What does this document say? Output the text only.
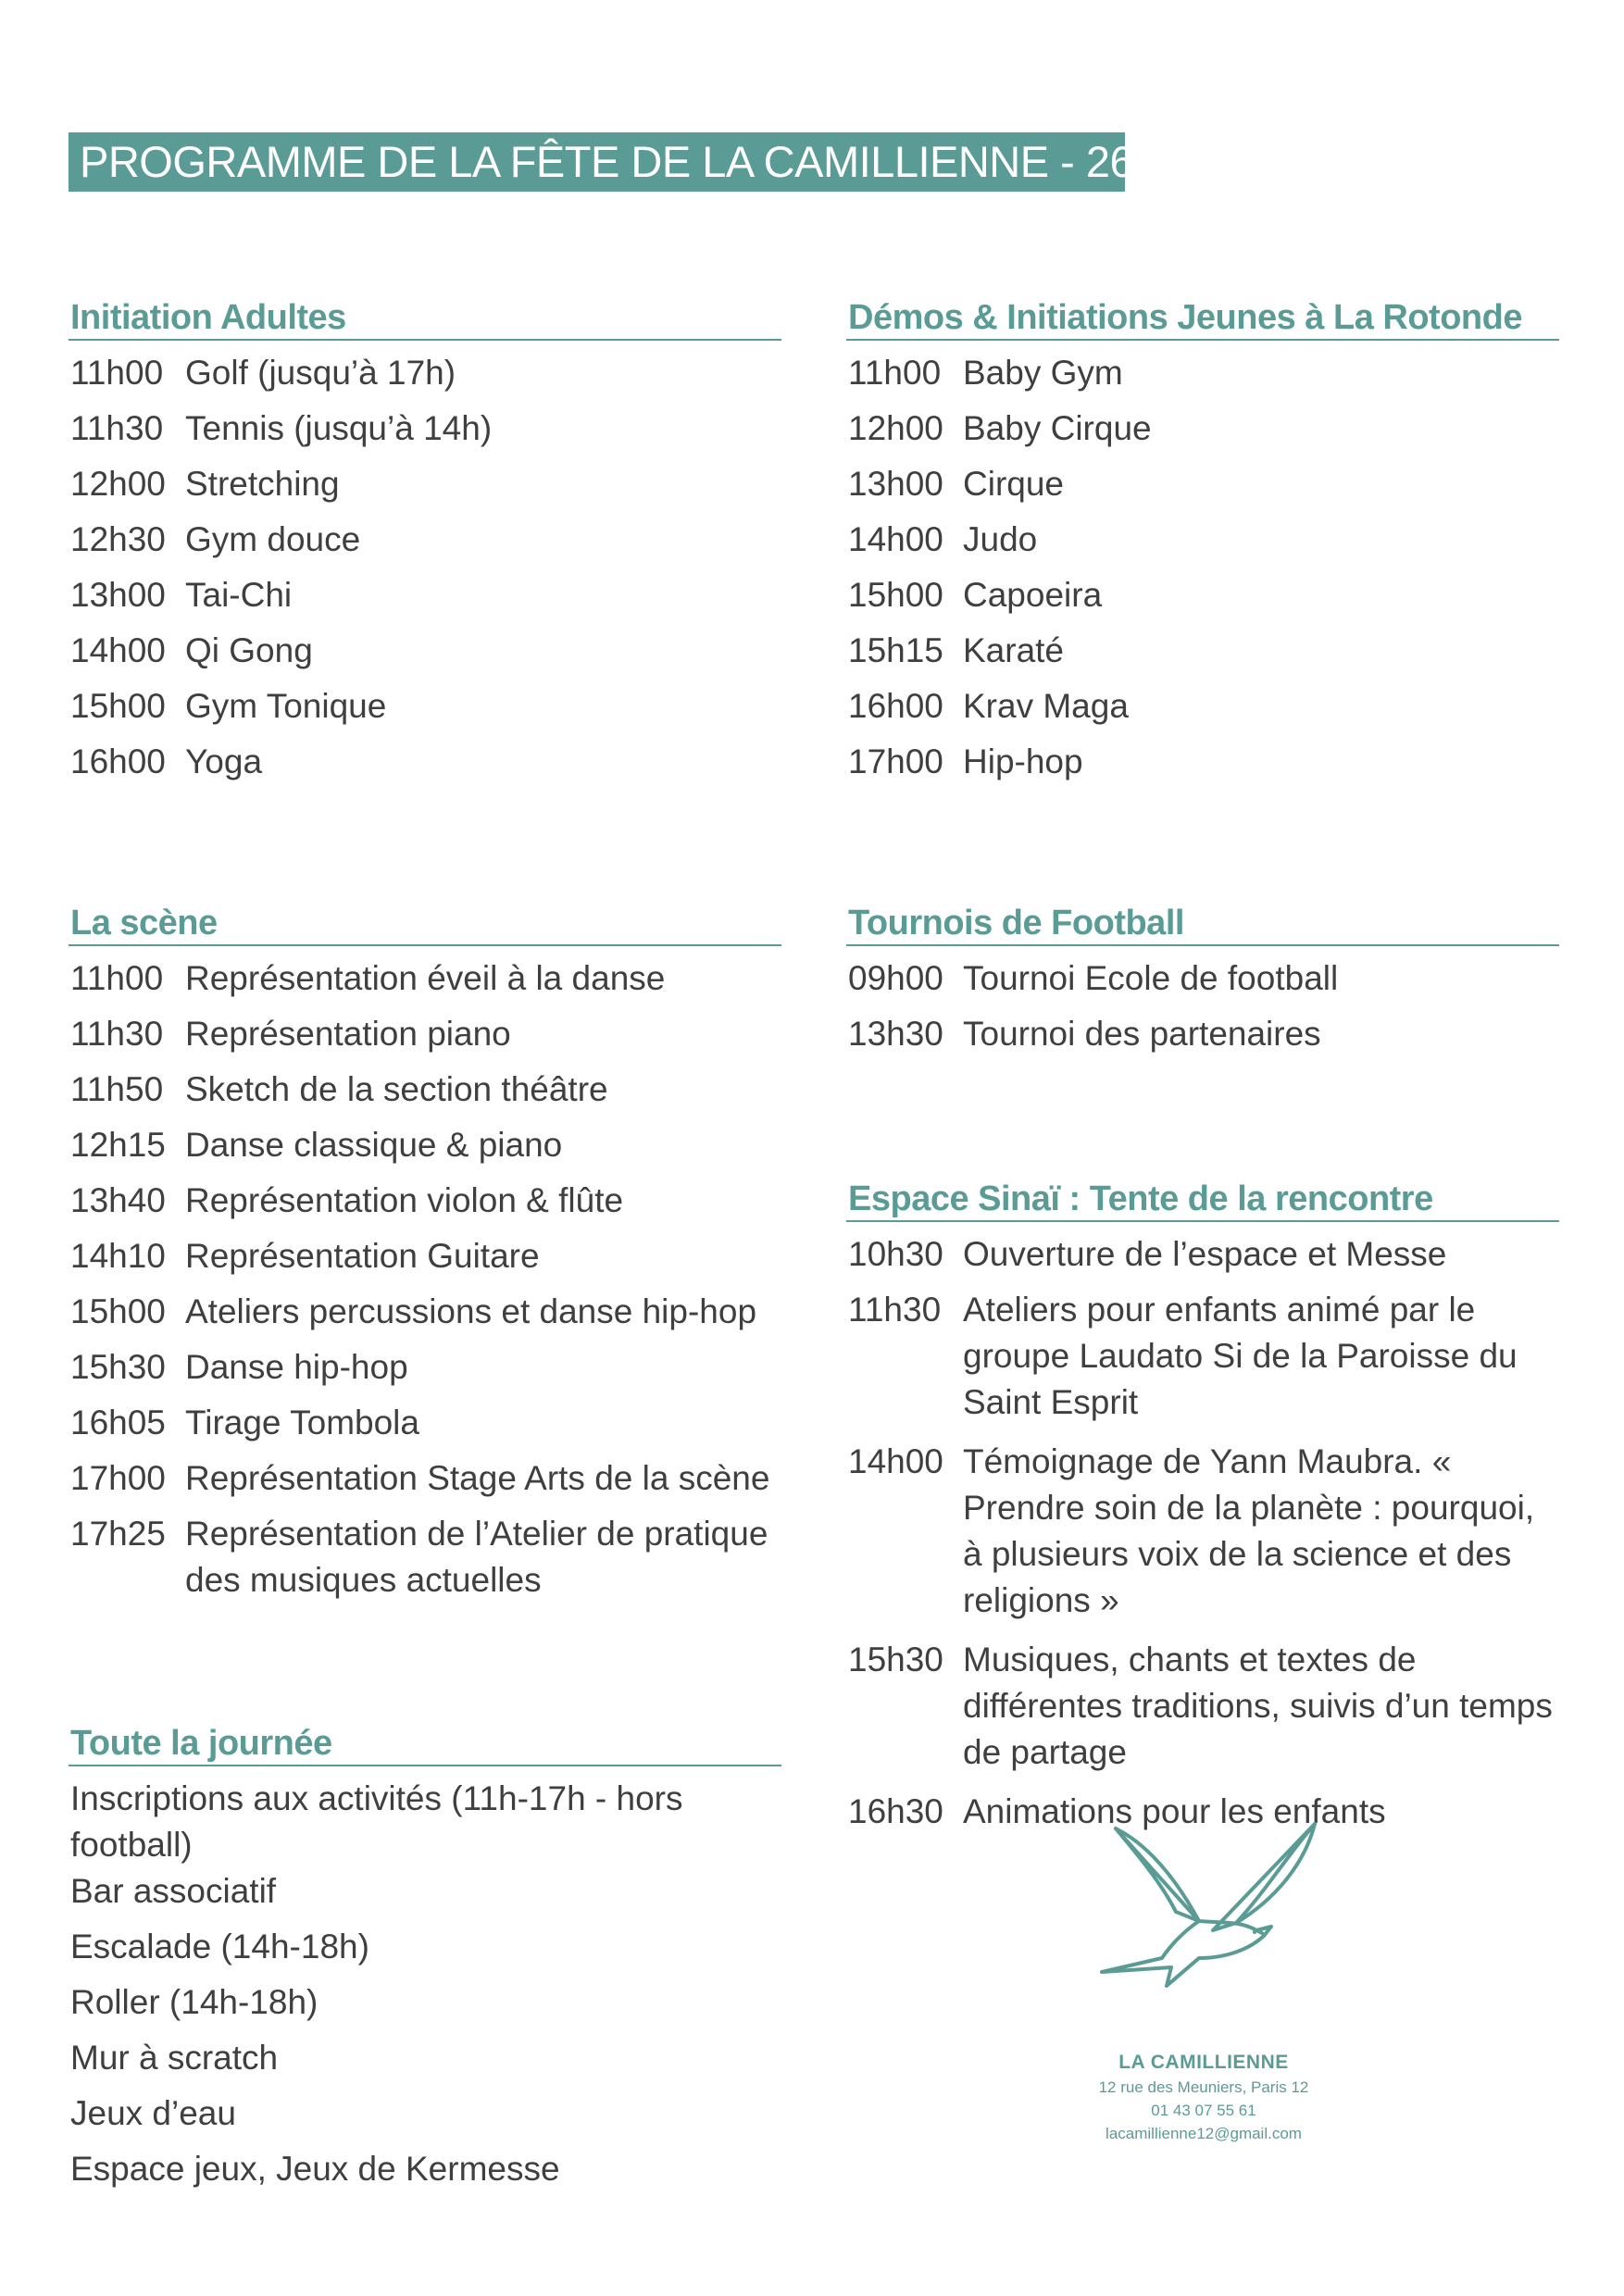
PROGRAMME DE LA FÊTE DE LA CAMILLIENNE - 26 JUIN 2021
Initiation Adultes
11h00 Golf (jusqu’à 17h)
11h30 Tennis (jusqu’à 14h)
12h00 Stretching
12h30 Gym douce
13h00 Tai-Chi
14h00 Qi Gong
15h00 Gym Tonique
16h00 Yoga
Démos & Initiations Jeunes à La Rotonde
11h00 Baby Gym
12h00 Baby Cirque
13h00 Cirque
14h00 Judo
15h00 Capoeira
15h15 Karaté
16h00 Krav Maga
17h00 Hip-hop
La scène
11h00 Représentation éveil à la danse
11h30 Représentation piano
11h50 Sketch de la section théâtre
12h15 Danse classique & piano
13h40 Représentation violon & flûte
14h10 Représentation Guitare
15h00 Ateliers percussions et danse hip-hop
15h30 Danse hip-hop
16h05 Tirage Tombola
17h00 Représentation Stage Arts de la scène
17h25 Représentation de l’Atelier de pratique des musiques actuelles
Tournois de Football
09h00 Tournoi Ecole de football
13h30 Tournoi des partenaires
Espace Sinaï : Tente de la rencontre
10h30 Ouverture de l’espace et Messe
11h30 Ateliers pour enfants animé par le groupe Laudato Si de la Paroisse du Saint Esprit
14h00 Témoignage de Yann Maubra. « Prendre soin de la planète : pourquoi, à plusieurs voix de la science et des religions »
15h30 Musiques, chants et textes de différentes traditions, suivis d’un temps de partage
16h30 Animations pour les enfants
Toute la journée
Inscriptions aux activités (11h-17h - hors football)
Bar associatif
Escalade (14h-18h)
Roller (14h-18h)
Mur à scratch
Jeux d’eau
Espace jeux, Jeux de Kermesse
LA CAMILLIENNE
12 rue des Meuniers, Paris 12
01 43 07 55 61
lacamillienne12@gmail.com
